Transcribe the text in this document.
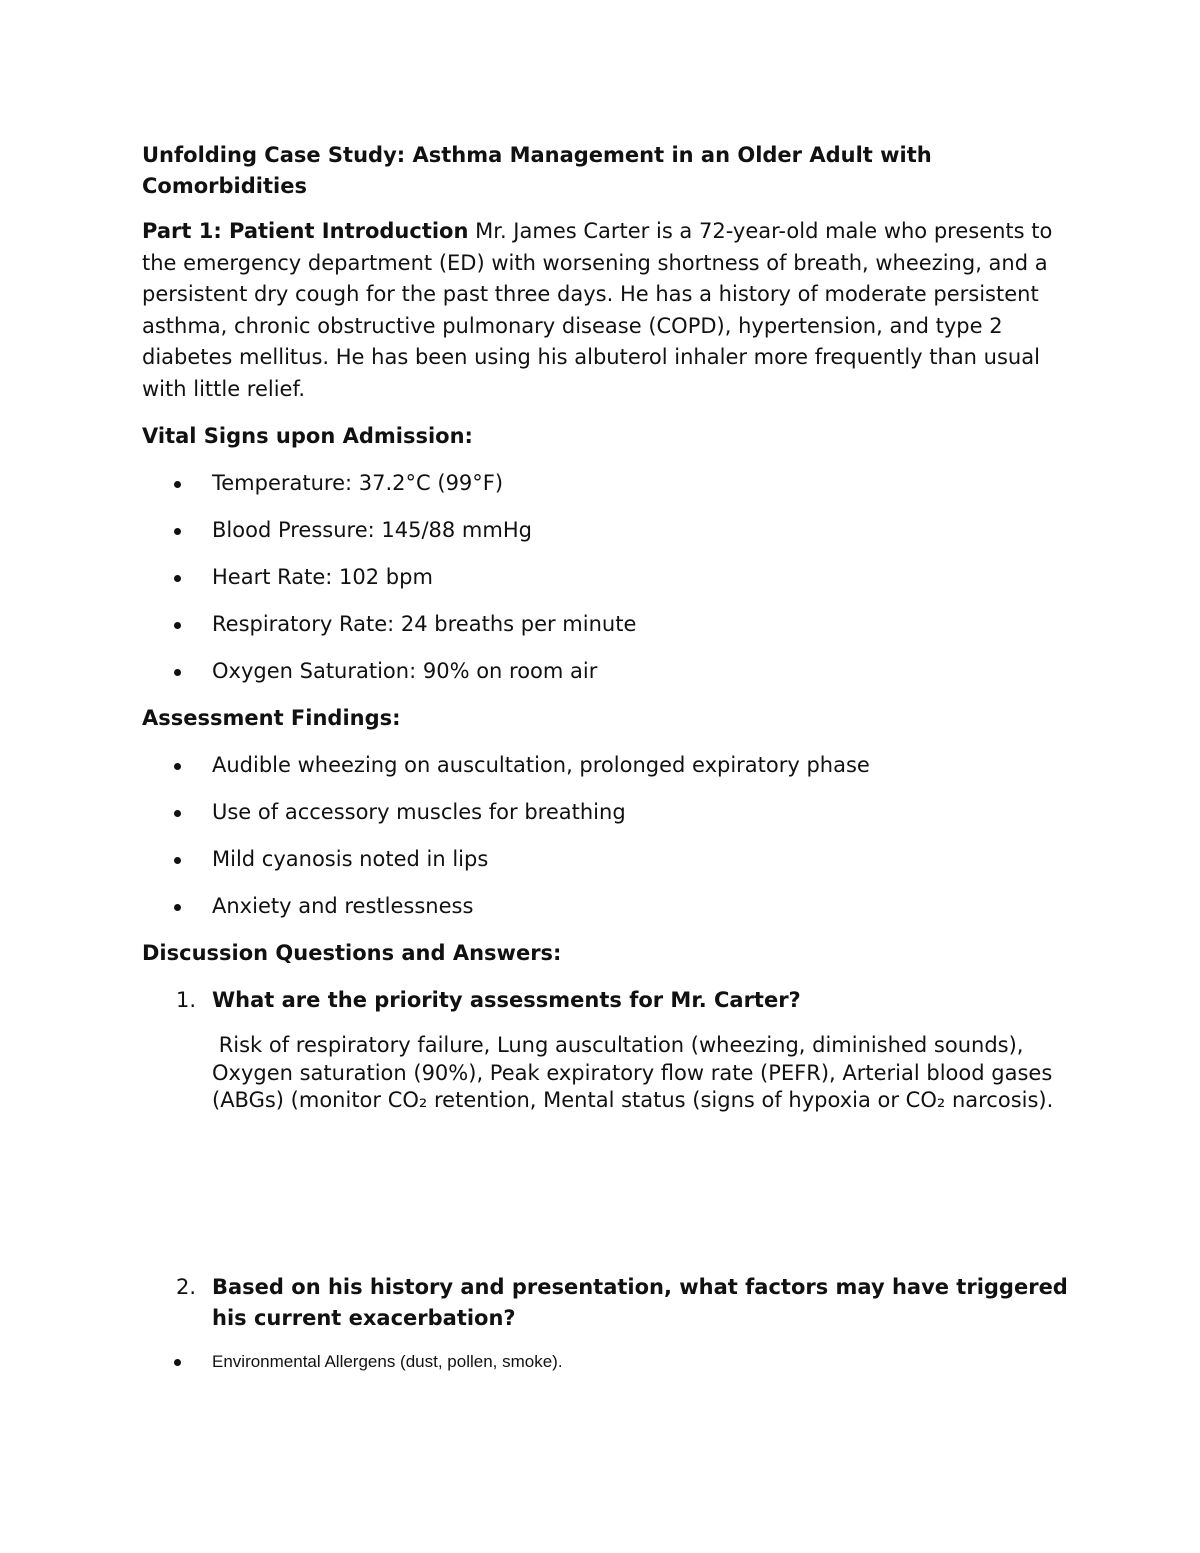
Unfolding Case Study: Asthma Management in an Older Adult with Comorbidities

Part 1: Patient Introduction Mr. James Carter is a 72-year-old male who presents to the emergency department (ED) with worsening shortness of breath, wheezing, and a persistent dry cough for the past three days. He has a history of moderate persistent asthma, chronic obstructive pulmonary disease (COPD), hypertension, and type 2 diabetes mellitus. He has been using his albuterol inhaler more frequently than usual with little relief.

Vital Signs upon Admission:
Temperature: 37.2°C (99°F)
Blood Pressure: 145/88 mmHg
Heart Rate: 102 bpm
Respiratory Rate: 24 breaths per minute
Oxygen Saturation: 90% on room air
Assessment Findings:
Audible wheezing on auscultation, prolonged expiratory phase
Use of accessory muscles for breathing
Mild cyanosis noted in lips
Anxiety and restlessness
Discussion Questions and Answers:
1. What are the priority assessments for Mr. Carter?

Risk of respiratory failure, Lung auscultation (wheezing, diminished sounds), Oxygen saturation (90%), Peak expiratory flow rate (PEFR), Arterial blood gases (ABGs) (monitor CO₂ retention, Mental status (signs of hypoxia or CO₂ narcosis).

2. Based on his history and presentation, what factors may have triggered his current exacerbation?
Environmental Allergens (dust, pollen, smoke).
